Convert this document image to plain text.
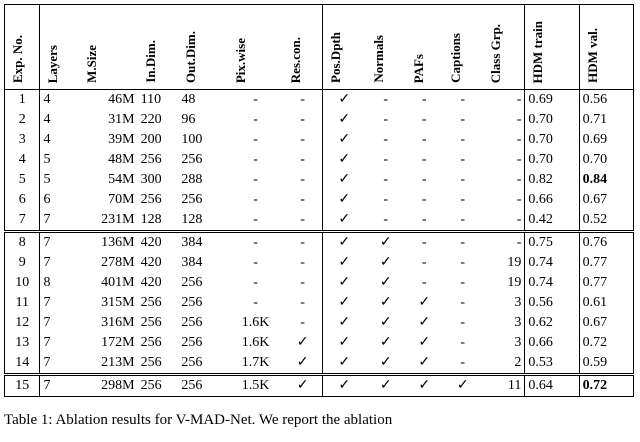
Exp. No.	Layers	M.Size	In.Dim.	Out.Dim.	Pix.wise	Res.con.	Pos.Dpth	Normals	PAFs	Captions	Class Grp.	HDM train	HDM val.
1	4	46M	110	48	-	-	✓	-	-	-	-	0.69	0.56
2	4	31M	220	96	-	-	✓	-	-	-	-	0.70	0.71
3	4	39M	200	100	-	-	✓	-	-	-	-	0.70	0.69
4	5	48M	256	256	-	-	✓	-	-	-	-	0.70	0.70
5	5	54M	300	288	-	-	✓	-	-	-	-	0.82	0.84
6	6	70M	256	256	-	-	✓	-	-	-	-	0.66	0.67
7	7	231M	128	128	-	-	✓	-	-	-	-	0.42	0.52
8	7	136M	420	384	-	-	✓	✓	-	-	-	0.75	0.76
9	7	278M	420	384	-	-	✓	✓	-	-	19	0.74	0.77
10	8	401M	420	256	-	-	✓	✓	-	-	19	0.74	0.77
11	7	315M	256	256	-	-	✓	✓	✓	-	3	0.56	0.61
12	7	316M	256	256	1.6K	-	✓	✓	✓	-	3	0.62	0.67
13	7	172M	256	256	1.6K	✓	✓	✓	✓	-	3	0.66	0.72
14	7	213M	256	256	1.7K	✓	✓	✓	✓	-	2	0.53	0.59
15	7	298M	256	256	1.5K	✓	✓	✓	✓	✓	11	0.64	0.72
Table 1: Ablation results for V-MAD-Net. We report the ablation
